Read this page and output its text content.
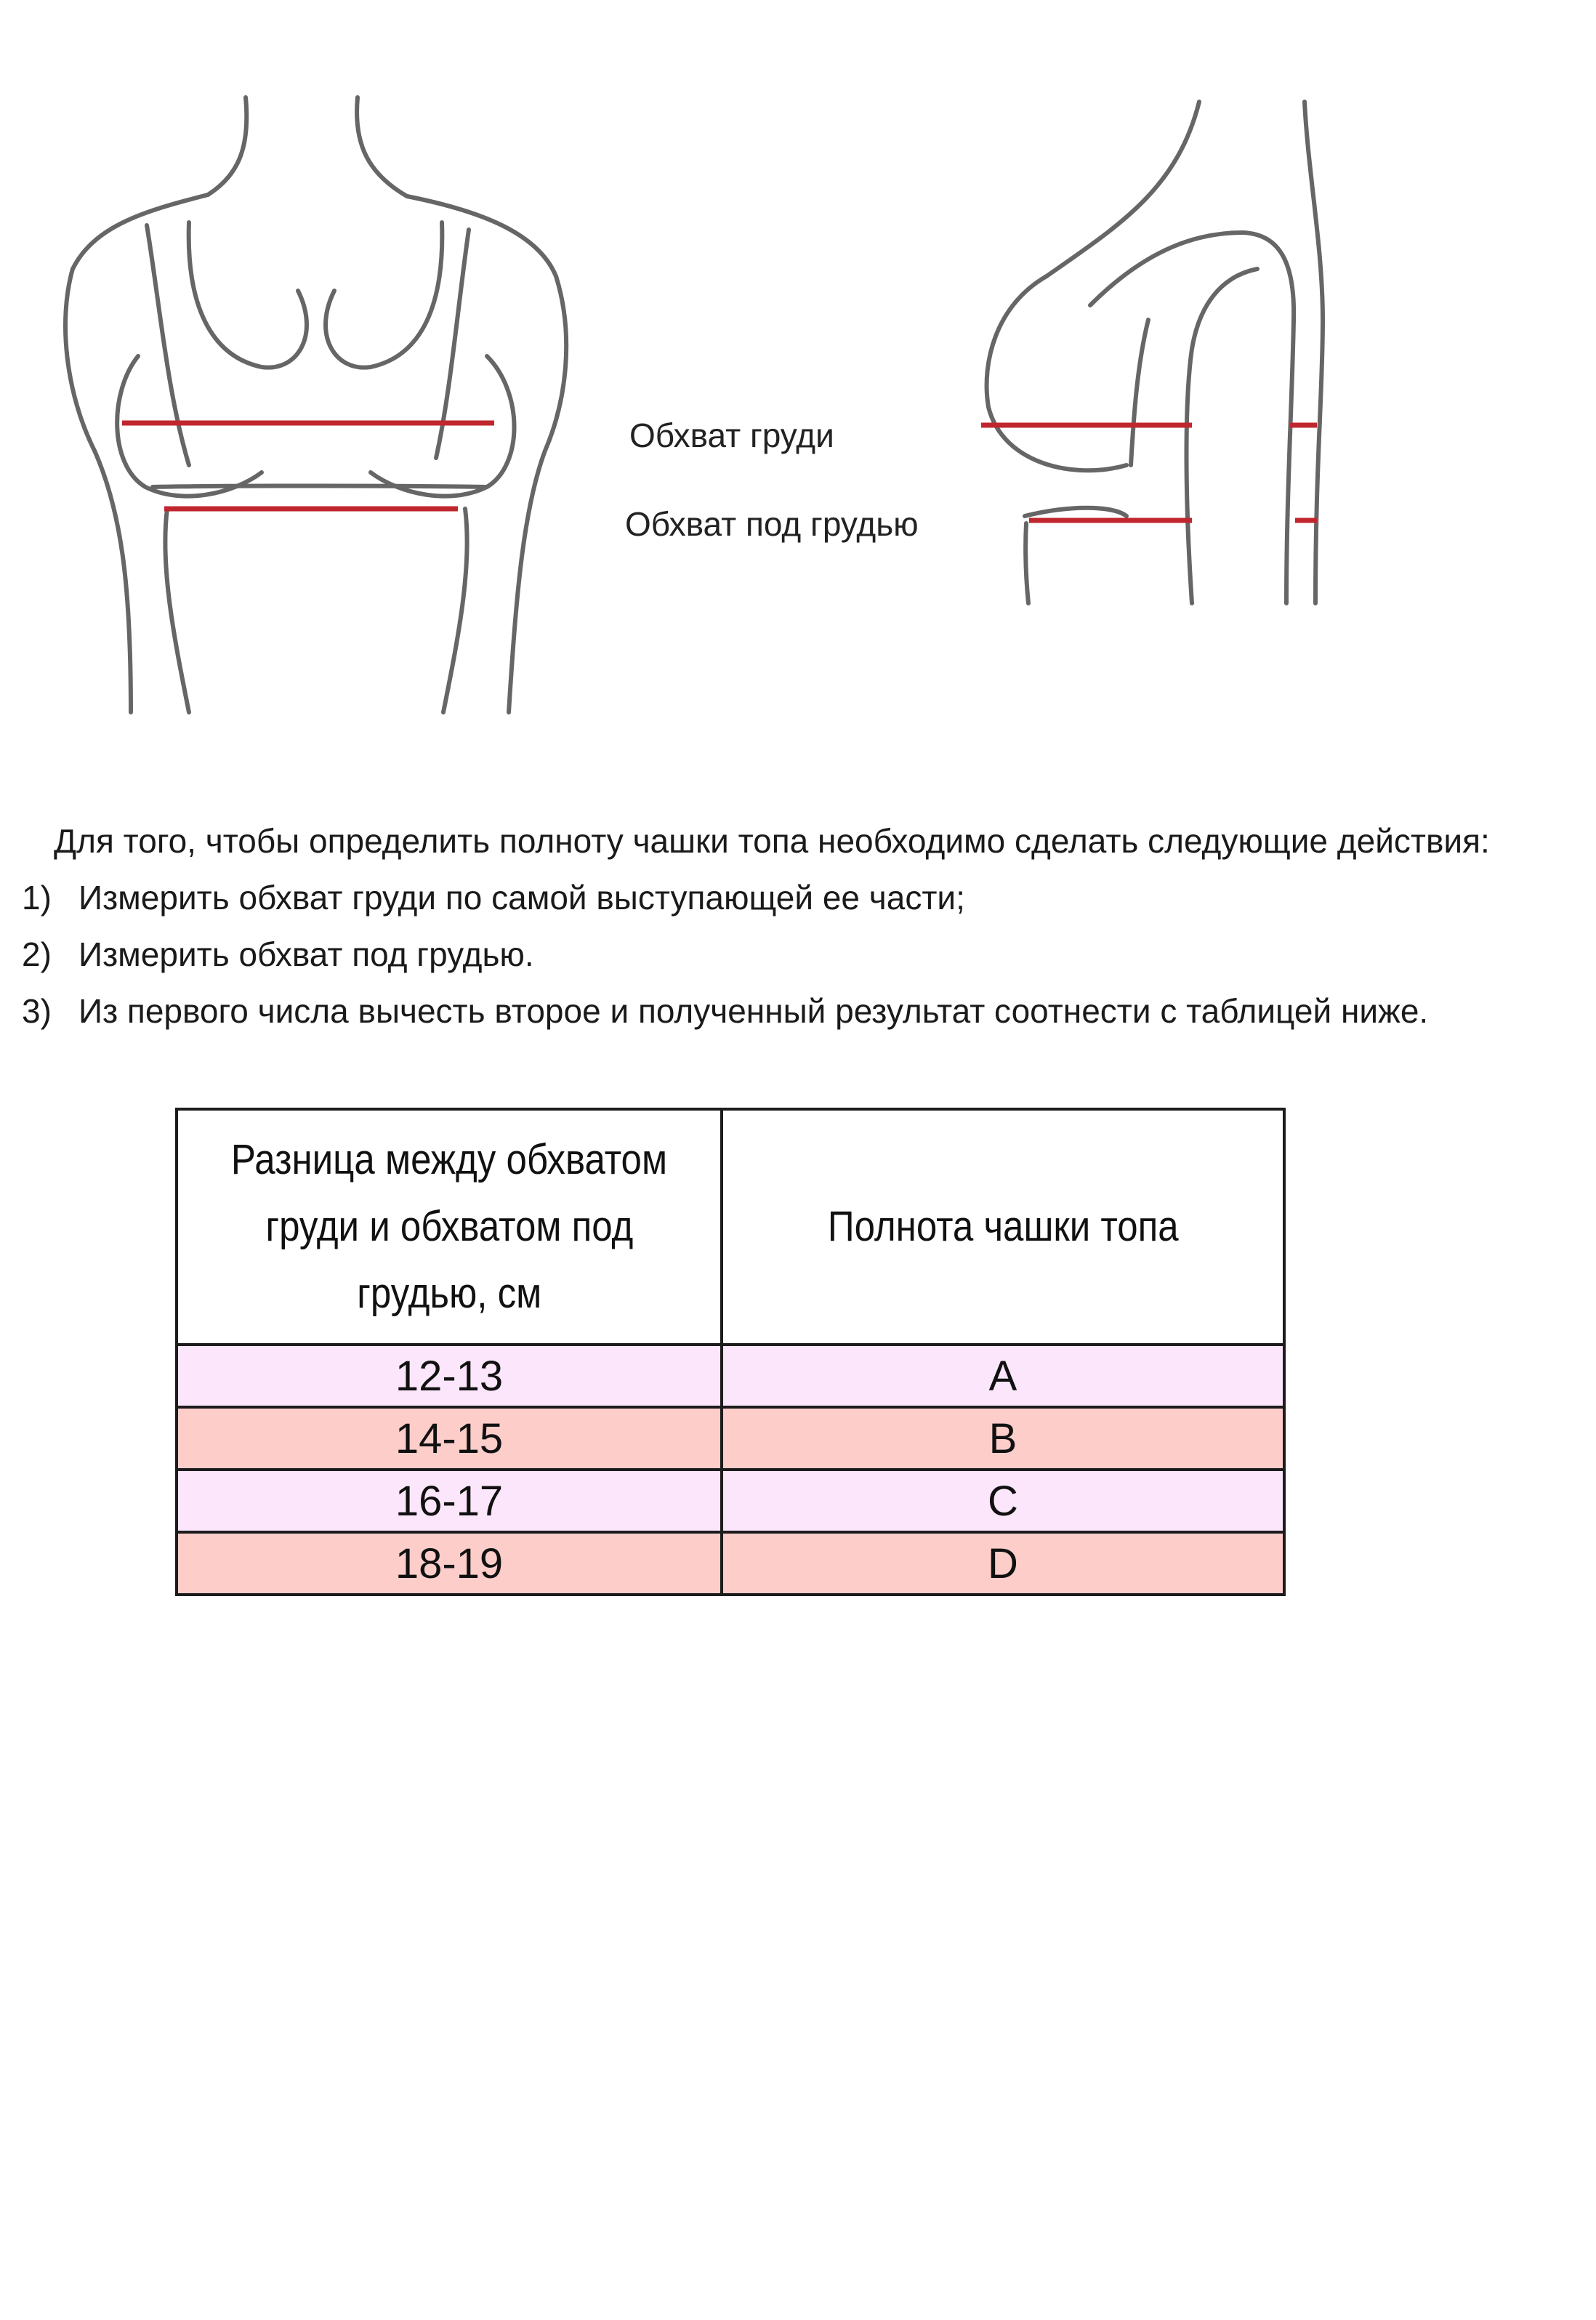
Обхват груди
Обхват под грудью
Для того, чтобы определить полноту чашки топа необходимо сделать следующие действия:
1) Измерить обхват груди по самой выступающей ее части;
2) Измерить обхват под грудью.
3) Из первого числа вычесть второе и полученный результат соотнести с таблицей ниже.
Разница между обхватом
груди и обхватом под
грудью, см	Полнота чашки топа
12-13	A
14-15	B
16-17	C
18-19	D
